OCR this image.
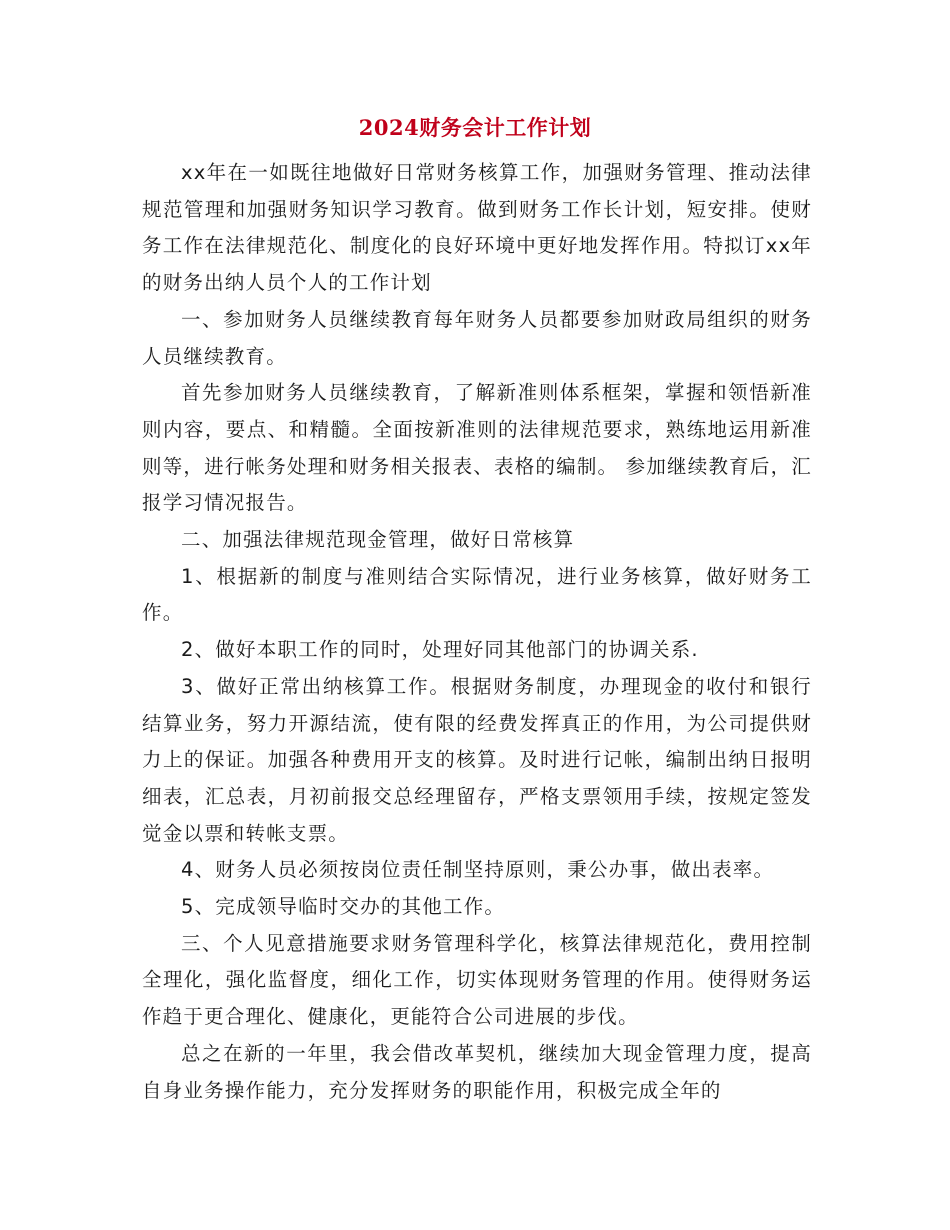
2024财务会计工作计划

xx年在一如既往地做好日常财务核算工作，加强财务管理、推动法律规范管理和加强财务知识学习教育。做到财务工作长计划，短安排。使财务工作在法律规范化、制度化的良好环境中更好地发挥作用。特拟订xx年的财务出纳人员个人的工作计划

一、参加财务人员继续教育每年财务人员都要参加财政局组织的财务人员继续教育。

首先参加财务人员继续教育，了解新准则体系框架，掌握和领悟新准则内容，要点、和精髓。全面按新准则的法律规范要求，熟练地运用新准则等，进行帐务处理和财务相关报表、表格的编制。 参加继续教育后，汇报学习情况报告。

二、加强法律规范现金管理，做好日常核算

1、根据新的制度与准则结合实际情况，进行业务核算，做好财务工作。

2、做好本职工作的同时，处理好同其他部门的协调关系.

3、做好正常出纳核算工作。根据财务制度，办理现金的收付和银行结算业务，努力开源结流，使有限的经费发挥真正的作用，为公司提供财力上的保证。加强各种费用开支的核算。及时进行记帐，编制出纳日报明细表，汇总表，月初前报交总经理留存，严格支票领用手续，按规定签发觉金以票和转帐支票。

4、财务人员必须按岗位责任制坚持原则，秉公办事，做出表率。

5、完成领导临时交办的其他工作。

三、个人见意措施要求财务管理科学化，核算法律规范化，费用控制全理化，强化监督度，细化工作，切实体现财务管理的作用。使得财务运作趋于更合理化、健康化，更能符合公司进展的步伐。

总之在新的一年里，我会借改革契机，继续加大现金管理力度，提高自身业务操作能力，充分发挥财务的职能作用，积极完成全年的
